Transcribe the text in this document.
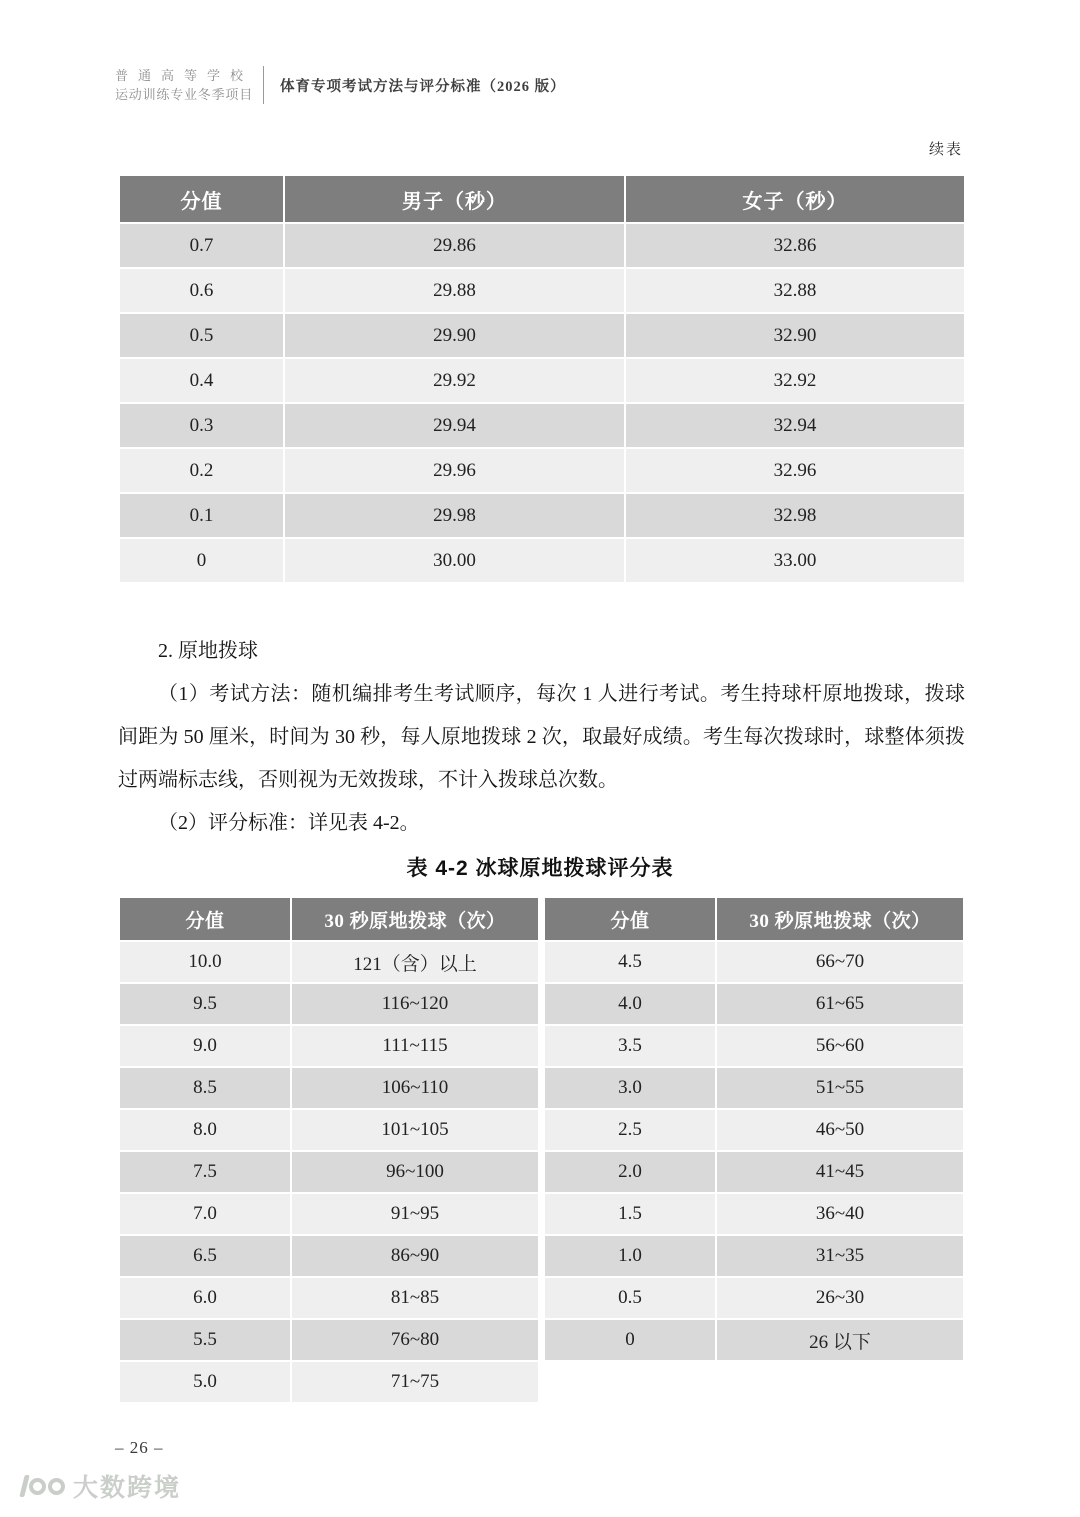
普通高等学校
运动训练专业冬季项目 体育专项考试方法与评分标准（2026 版）
续表
分值	男子（秒）	女子（秒）
0.7	29.86	32.86
0.6	29.88	32.88
0.5	29.90	32.90
0.4	29.92	32.92
0.3	29.94	32.94
0.2	29.96	32.96
0.1	29.98	32.98
0	30.00	33.00

2. 原地拨球

（1）考试方法：随机编排考生考试顺序，每次 1 人进行考试。考生持球杆原地拨球，拨球间距为 50 厘米，时间为 30 秒，每人原地拨球 2 次，取最好成绩。考生每次拨球时，球整体须拨过两端标志线，否则视为无效拨球，不计入拨球总次数。

（2）评分标准：详见表 4-2。

表 4-2 冰球原地拨球评分表
分值	30 秒原地拨球（次）
10.0	121（含）以上
9.5	116~120
9.0	111~115
8.5	106~110
8.0	101~105
7.5	96~100
7.0	91~95
6.5	86~90
6.0	81~85
5.5	76~80
5.0	71~75
分值	30 秒原地拨球（次）
4.5	66~70
4.0	61~65
3.5	56~60
3.0	51~55
2.5	46~50
2.0	41~45
1.5	36~40
1.0	31~35
0.5	26~30
0	26 以下
– 26 –
大数跨境
